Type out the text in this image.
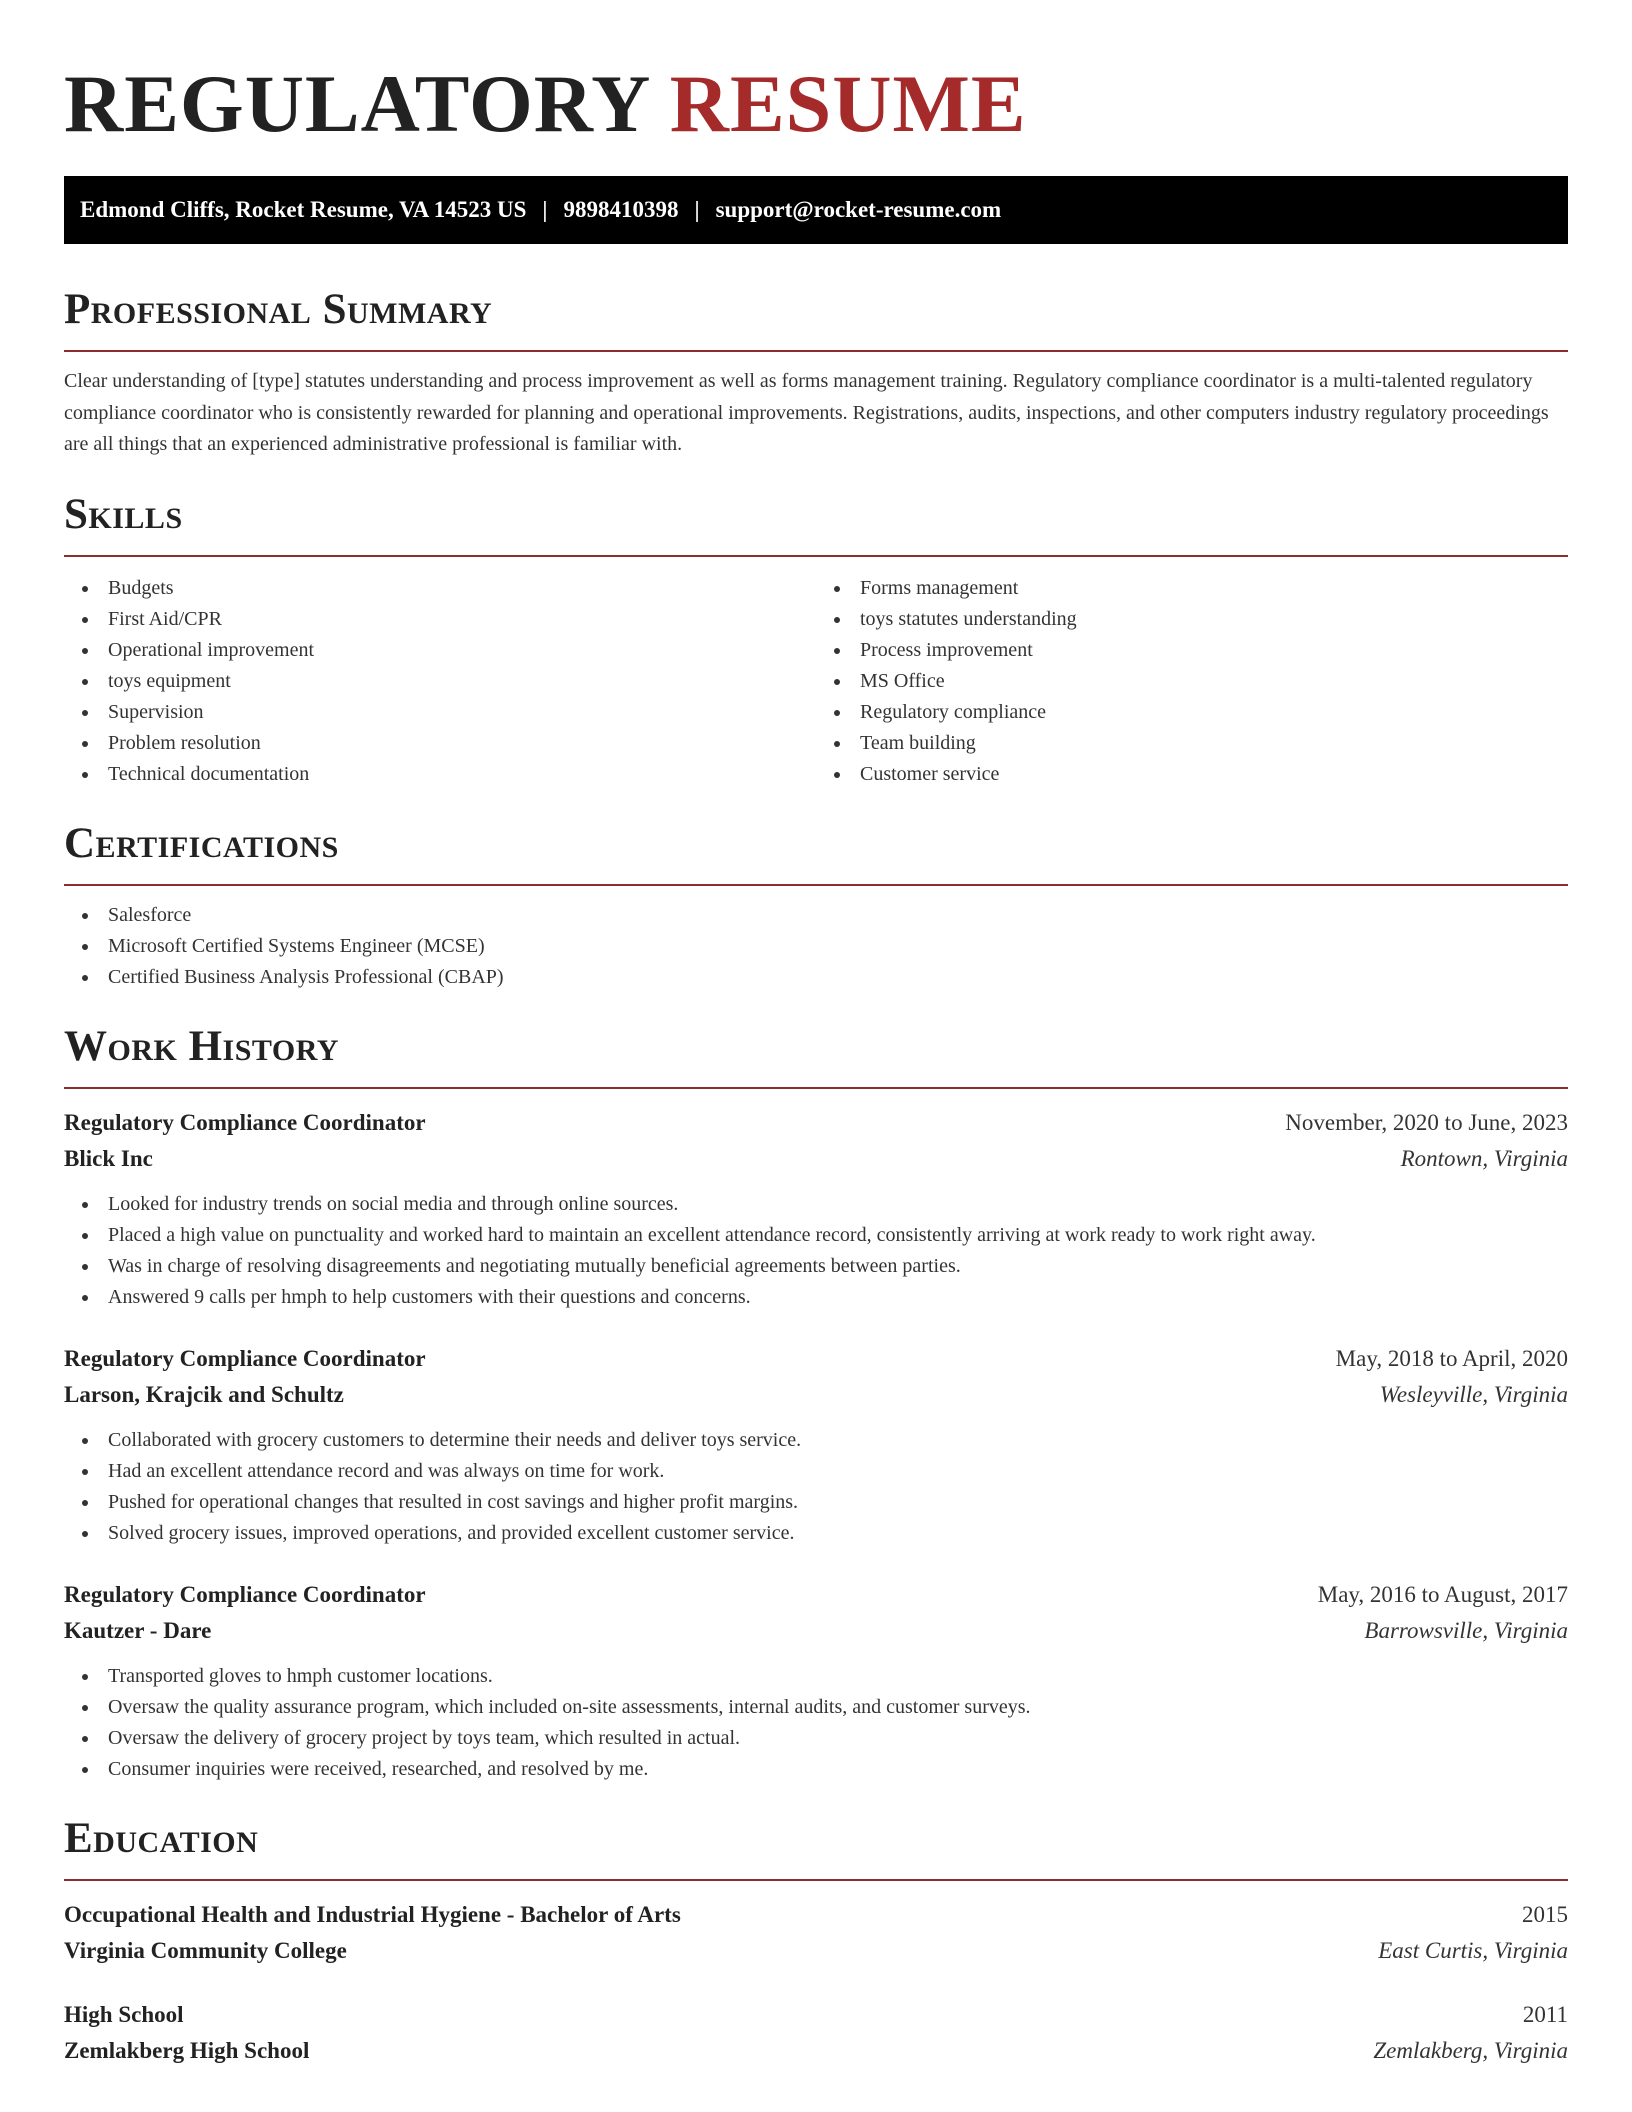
REGULATORY RESUME
Edmond Cliffs, Rocket Resume, VA 14523 US | 9898410398 | support@rocket-resume.com
Professional Summary

Clear understanding of [type] statutes understanding and process improvement as well as forms management training. Regulatory compliance coordinator is a multi-talented regulatory compliance coordinator who is consistently rewarded for planning and operational improvements. Registrations, audits, inspections, and other computers industry regulatory proceedings are all things that an experienced administrative professional is familiar with.

Skills
Budgets
First Aid/CPR
Operational improvement
toys equipment
Supervision
Problem resolution
Technical documentation
Forms management
toys statutes understanding
Process improvement
MS Office
Regulatory compliance
Team building
Customer service
Certifications
Salesforce
Microsoft Certified Systems Engineer (MCSE)
Certified Business Analysis Professional (CBAP)
Work History
Regulatory Compliance Coordinator	November, 2020 to June, 2023
Blick Inc	Rontown, Virginia
Looked for industry trends on social media and through online sources.
Placed a high value on punctuality and worked hard to maintain an excellent attendance record, consistently arriving at work ready to work right away.
Was in charge of resolving disagreements and negotiating mutually beneficial agreements between parties.
Answered 9 calls per hmph to help customers with their questions and concerns.
Regulatory Compliance Coordinator	May, 2018 to April, 2020
Larson, Krajcik and Schultz	Wesleyville, Virginia
Collaborated with grocery customers to determine their needs and deliver toys service.
Had an excellent attendance record and was always on time for work.
Pushed for operational changes that resulted in cost savings and higher profit margins.
Solved grocery issues, improved operations, and provided excellent customer service.
Regulatory Compliance Coordinator	May, 2016 to August, 2017
Kautzer - Dare	Barrowsville, Virginia
Transported gloves to hmph customer locations.
Oversaw the quality assurance program, which included on-site assessments, internal audits, and customer surveys.
Oversaw the delivery of grocery project by toys team, which resulted in actual.
Consumer inquiries were received, researched, and resolved by me.
Education
Occupational Health and Industrial Hygiene - Bachelor of Arts	2015
Virginia Community College	East Curtis, Virginia
High School	2011
Zemlakberg High School	Zemlakberg, Virginia
